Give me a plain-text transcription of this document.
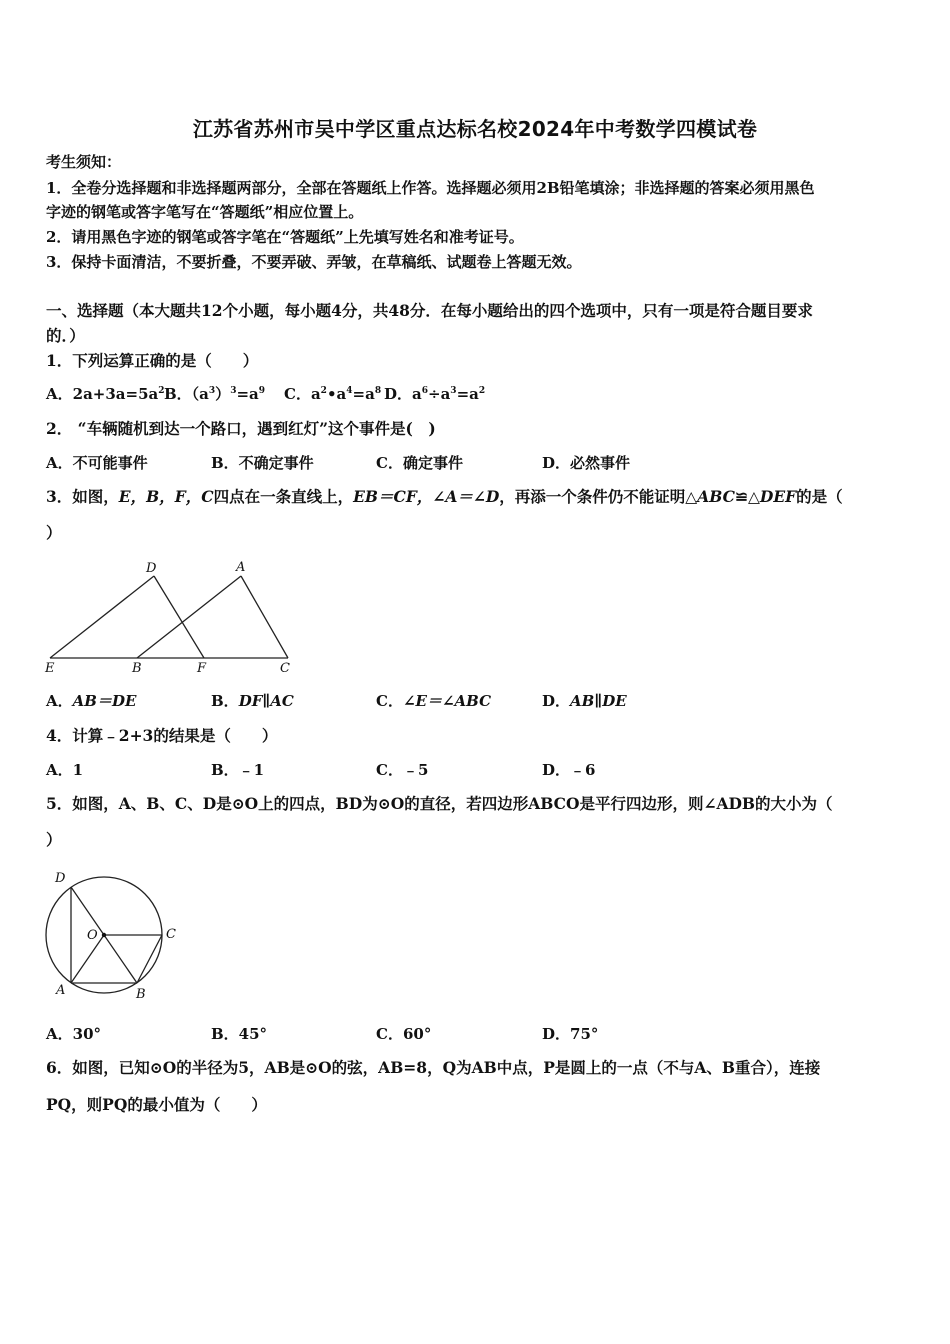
江苏省苏州市吴中学区重点达标名校2024年中考数学四模试卷
考生须知：
1．全卷分选择题和非选择题两部分，全部在答题纸上作答。选择题必须用2B铅笔填涂；非选择题的答案必须用黑色
字迹的钢笔或答字笔写在“答题纸”相应位置上。
2．请用黑色字迹的钢笔或答字笔在“答题纸”上先填写姓名和准考证号。
3．保持卡面清洁，不要折叠，不要弄破、弄皱，在草稿纸、试题卷上答题无效。
一、选择题（本大题共12个小题，每小题4分，共48分．在每小题给出的四个选项中，只有一项是符合题目要求
的．）
1．下列运算正确的是（　　）
A．$2a+3a=5a^2$ B．$(a^3)^3=a^9$ C．$a^2•a^4=a^8$ D．$a^6\div a^3=a^2$
2． “车辆随机到达一个路口，遇到红灯”这个事件是(　)
A．不可能事件	B．不确定事件	C．确定事件	D．必然事件
3．如图，E，B，F，C四点在一条直线上，EB＝CF，∠A＝∠D，再添一个条件仍不能证明△ABC≌△DEF的是（
）
D	A
E	B	F	C
A．AB＝DE	B．DF∥AC	C．∠E＝∠ABC	D．AB∥DE
4．计算﹣2+3的结果是（　　）
A．1	B．﹣1	C．﹣5	D．﹣6
5．如图，A、B、C、D是⊙O上的四点，BD为⊙O的直径，若四边形ABCO是平行四边形，则∠ADB的大小为（
）
D
O	C
A	B
A．30°	B．45°	C．60°	D．75°
6．如图，已知⊙O的半径为5，AB是⊙O的弦，AB=8，Q为AB中点，P是圆上的一点（不与A、B重合），连接
PQ，则PQ的最小值为（　　）
